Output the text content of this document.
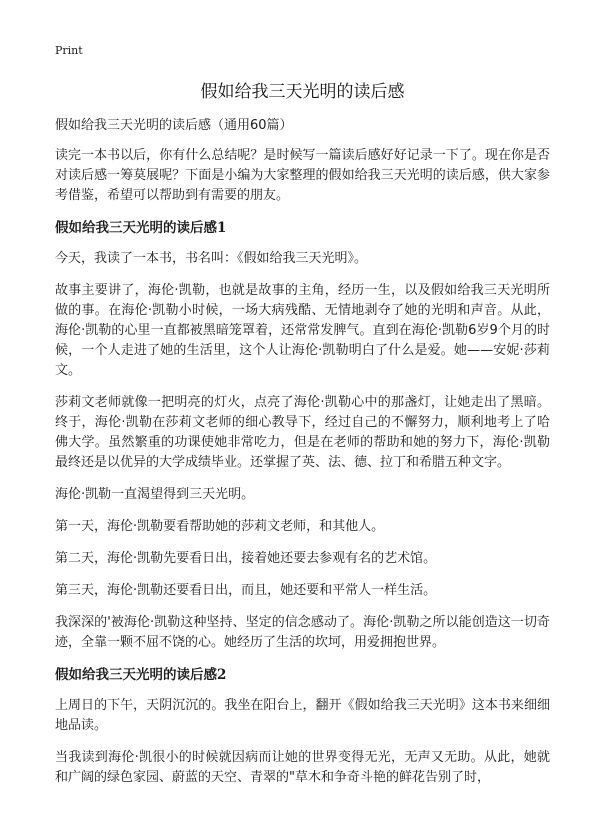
Print
假如给我三天光明的读后感
假如给我三天光明的读后感（通用60篇）

读完一本书以后，你有什么总结呢？是时候写一篇读后感好好记录一下了。现在你是否对读后感一筹莫展呢？下面是小编为大家整理的假如给我三天光明的读后感，供大家参考借鉴，希望可以帮助到有需要的朋友。

假如给我三天光明的读后感1

今天，我读了一本书，书名叫：《假如给我三天光明》。

故事主要讲了，海伦·凯勒，也就是故事的主角，经历一生，以及假如给我三天光明所做的事。在海伦·凯勒小时候，一场大病残酷、无情地剥夺了她的光明和声音。从此，海伦·凯勒的心里一直都被黑暗笼罩着，还常常发脾气。直到在海伦·凯勒6岁9个月的时候，一个人走进了她的生活里，这个人让海伦·凯勒明白了什么是爱。她——安妮·莎莉文。

莎莉文老师就像一把明亮的灯火，点亮了海伦·凯勒心中的那盏灯，让她走出了黑暗。终于，海伦·凯勒在莎莉文老师的细心教导下，经过自己的不懈努力，顺利地考上了哈佛大学。虽然繁重的功课使她非常吃力，但是在老师的帮助和她的努力下，海伦·凯勒最终还是以优异的大学成绩毕业。还掌握了英、法、德、拉丁和希腊五种文字。

海伦·凯勒一直渴望得到三天光明。

第一天，海伦·凯勒要看帮助她的莎莉文老师，和其他人。

第二天，海伦·凯勒先要看日出，接着她还要去参观有名的艺术馆。

第三天，海伦·凯勒还要看日出，而且，她还要和平常人一样生活。

我深深的'被海伦·凯勒这种坚持、坚定的信念感动了。海伦·凯勒之所以能创造这一切奇迹，全靠一颗不屈不饶的心。她经历了生活的坎坷，用爱拥抱世界。

假如给我三天光明的读后感2

上周日的下午，天阴沉沉的。我坐在阳台上，翻开《假如给我三天光明》这本书来细细地品读。

当我读到海伦·凯很小的时候就因病而让她的世界变得无光，无声又无助。从此，她就和广阔的绿色家园、蔚蓝的天空、青翠的"草木和争奇斗艳的鲜花告别了时，
